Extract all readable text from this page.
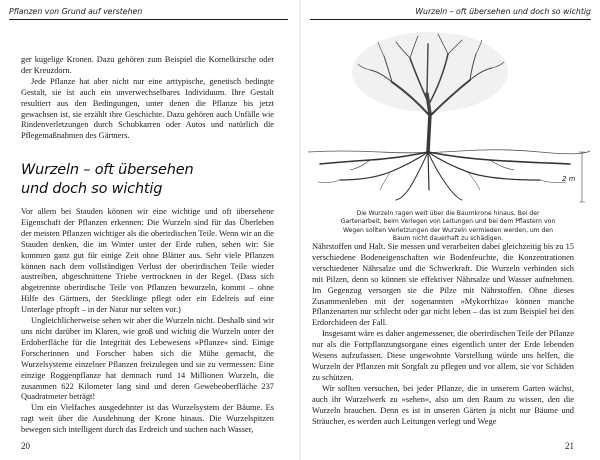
Pflanzen von Grund auf verstehen

ger kugelige Kronen. Dazu gehören zum Beispiel die Kornelkirsche oder der Kreuzdorn.

Jede Pflanze hat aber nicht nur eine arttypische, genetisch bedingte Gestalt, sie ist auch ein unverwechselbares Individuum. Ihre Gestalt resultiert aus den Bedingungen, unter denen die Pflanze bis jetzt gewachsen ist, sie erzählt ihre Geschichte. Dazu gehören auch Unfälle wie Rindenverletzungen durch Schubkarren oder Autos und natürlich die Pflegemaßnahmen des Gärtners.

Wurzeln – oft übersehen
und doch so wichtig

Vor allem bei Stauden können wir eine wichtige und oft übersehene Eigenschaft der Pflanzen erkennen: Die Wurzeln sind für das Überleben der meisten Pflanzen wichtiger als die oberirdischen Teile. Wenn wir an die Stauden denken, die im Winter unter der Erde ruhen, sehen wir: Sie kommen ganz gut für einige Zeit ohne Blätter aus. Sehr viele Pflanzen können nach dem vollständigen Verlust der oberirdischen Teile wieder austreiben, abgeschnittene Triebe vertrocknen in der Regel. (Dass sich abgetrennte oberirdische Teile von Pflanzen bewurzeln, kommt – ohne Hilfe des Gärtners, der Stecklinge pflegt oder ein Edelreis auf eine Unterlage pfropft – in der Natur nur selten vor.)

Ungleichlicherweise sehen wir aber die Wurzeln nicht. Deshalb sind wir uns nicht darüber im Klaren, wie groß und wichtig die Wurzeln unter der Erdoberfläche für die Integrität des Lebewesens »Pflanze« sind. Einige Forscherinnen und Forscher haben sich die Mühe gemacht, die Wurzelsysteme einzelner Pflanzen freizulegen und sie zu vermessen: Eine einzige Roggenpflanze hat demnach rund 14 Millionen Wurzeln, die zusammen 622 Kilometer lang sind und deren Gewebeoberfläche 237 Quadratmeter beträgt!

Um ein Vielfaches ausgedehnter ist das Wurzelsystem der Bäume. Es ragt weit über die Ausdehnung der Krone hinaus. Die Wurzelspitzen bewegen sich intelligent durch das Erdreich und suchen nach Wasser,

20
Wurzeln – oft übersehen und doch so wichtig
2 m
Die Wurzeln ragen weit über die Baumkrone hinaus. Bei der Gartenarbeit, beim Verlegen von Leitungen und bei dem Pflastern von Wegen sollten Verletzungen der Wurzeln vermieden werden, um den Baum nicht dauerhaft zu schädigen.

Nährstoffen und Halt. Sie messen und verarbeiten dabei gleichzeitig bis zu 15 verschiedene Bodeneigenschaften wie Bodenfeuchte, die Konzentrationen verschiedener Nährsalze und die Schwerkraft. Die Wurzeln verbinden sich mit Pilzen, denn so können sie effektiver Nährsalze und Wasser aufnehmen. Im Gegenzug versorgen sie die Pilze mit Nährstoffen. Ohne dieses Zusammenleben mit der sogenannten »Mykorrhiza« können manche Pflanzenarten nur schlecht oder gar nicht leben – das ist zum Beispiel bei den Erdorchideen der Fall.

Insgesamt wäre es daher angemessener, die oberirdischen Teile der Pflanze nur als die Fortpflanzungsorgane eines eigentlich unter der Erde lebenden Wesens aufzufassen. Diese ungewohnte Vorstellung würde uns helfen, die Wurzeln der Pflanzen mit Sorgfalt zu pflegen und vor allem, sie vor Schäden zu schützen.

Wir sollten versuchen, bei jeder Pflanze, die in unserem Garten wächst, auch ihr Wurzelwerk zu »sehen«, also um den Raum zu wissen, den die Wurzeln brauchen. Denn es ist in unseren Gärten ja nicht nur Bäume und Sträucher, es werden auch Leitungen verlegt und Wege

21
